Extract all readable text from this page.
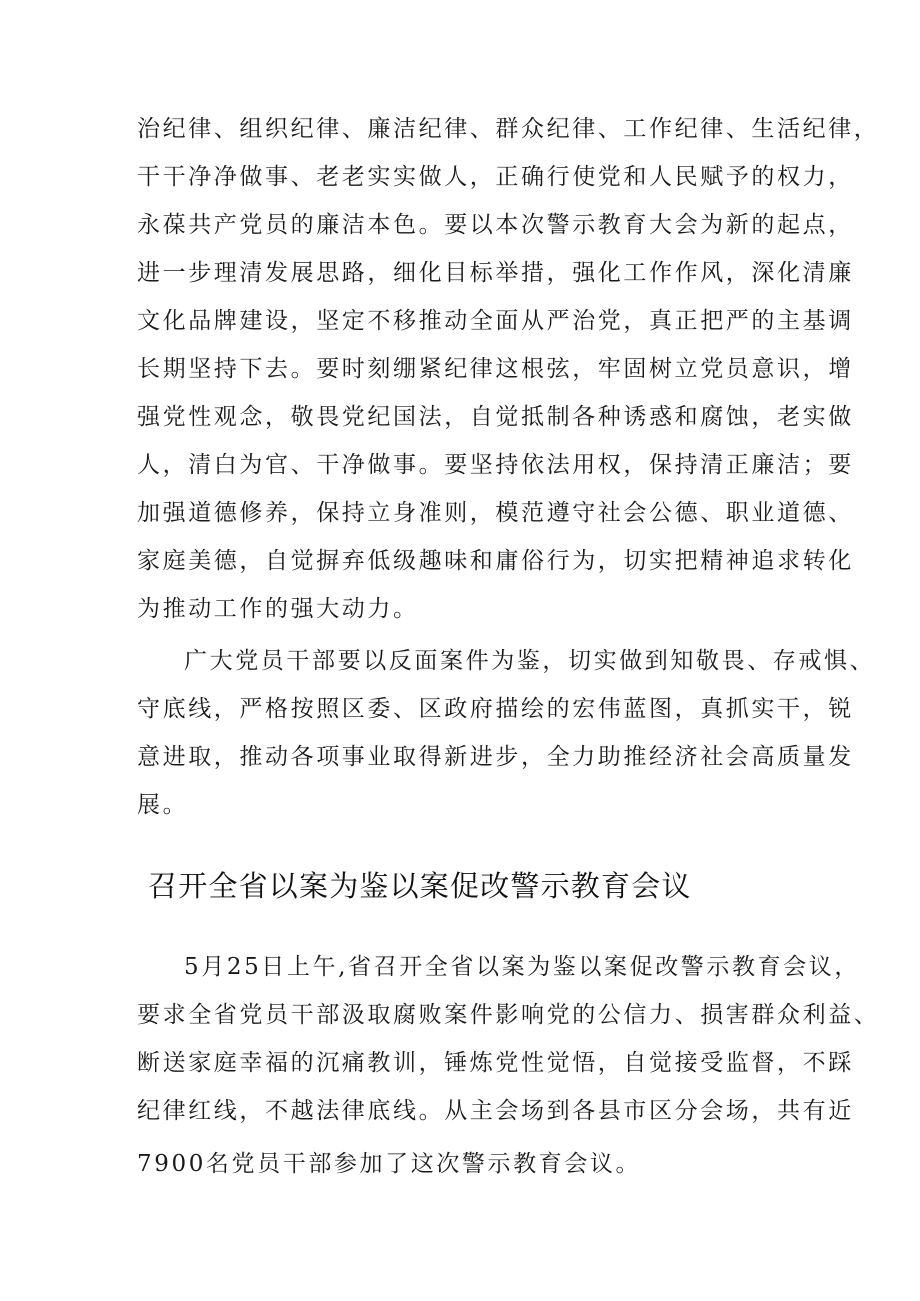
治纪律、组织纪律、廉洁纪律、群众纪律、工作纪律、生活纪律，
干干净净做事、老老实实做人，正确行使党和人民赋予的权力，
永葆共产党员的廉洁本色。要以本次警示教育大会为新的起点，
进一步理清发展思路，细化目标举措，强化工作作风，深化清廉
文化品牌建设，坚定不移推动全面从严治党，真正把严的主基调
长期坚持下去。要时刻绷紧纪律这根弦，牢固树立党员意识，增
强党性观念，敬畏党纪国法，自觉抵制各种诱惑和腐蚀，老实做
人，清白为官、干净做事。要坚持依法用权，保持清正廉洁；要
加强道德修养，保持立身准则，模范遵守社会公德、职业道德、
家庭美德，自觉摒弃低级趣味和庸俗行为，切实把精神追求转化
为推动工作的强大动力。
广大党员干部要以反面案件为鉴，切实做到知敬畏、存戒惧、
守底线，严格按照区委、区政府描绘的宏伟蓝图，真抓实干，锐
意进取，推动各项事业取得新进步，全力助推经济社会高质量发
展。
召开全省以案为鉴以案促改警示教育会议
5月25日上午,省召开全省以案为鉴以案促改警示教育会议，
要求全省党员干部汲取腐败案件影响党的公信力、损害群众利益、
断送家庭幸福的沉痛教训，锤炼党性觉悟，自觉接受监督，不踩
纪律红线，不越法律底线。从主会场到各县市区分会场，共有近
7900名党员干部参加了这次警示教育会议。
